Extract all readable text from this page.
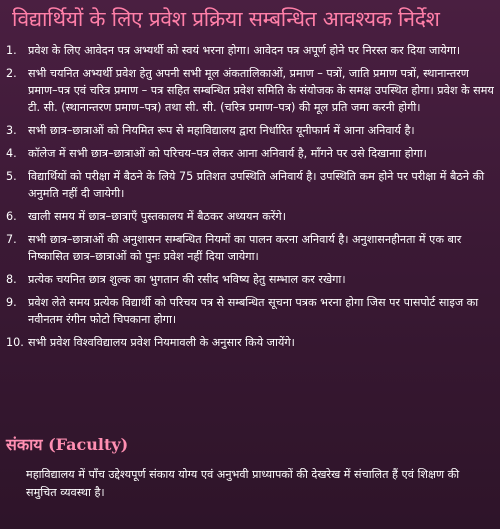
विद्यार्थियों के लिए प्रवेश प्रक्रिया सम्बन्धित आवश्यक निर्देश
1.	प्रवेश के लिए आवेदन पत्र अभ्यर्थी को स्वयं भरना होगा। आवेदन पत्र अपूर्ण होने पर निरस्त कर दिया जायेगा।
2.	सभी चयनित अभ्यर्थी प्रवेश हेतु अपनी सभी मूल अंकतालिकाओं, प्रमाण – पत्रों, जाति प्रमाण पत्रों, स्थानान्तरण प्रमाण–पत्र एवं चरित्र प्रमाण – पत्र सहित सम्बन्धित प्रवेश समिति के संयोजक के समक्ष उपस्थित होगा। प्रवेश के समय टी. सी. (स्थानान्तरण प्रमाण–पत्र) तथा सी. सी. (चरित्र प्रमाण–पत्र) की मूल प्रति जमा करनी होगी।
3.	सभी छात्र–छात्राओं को नियमित रूप से महाविद्यालय द्वारा निर्धारित यूनीफार्म में आना अनिवार्य है।
4.	कॉलेज में सभी छात्र–छात्राओं को परिचय–पत्र लेकर आना अनिवार्य है, माँगने पर उसे दिखानाा होगा।
5.	विद्यार्थियों को परीक्षा में बैठने के लिये 75 प्रतिशत उपस्थिति अनिवार्य है। उपस्थिति कम होने पर परीक्षा में बैठने की अनुमति नहीं दी जायेगी।
6.	खाली समय में छात्र–छात्राएँ पुस्तकालय में बैठकर अध्ययन करेंगे।
7.	सभी छात्र–छात्राओं की अनुशासन सम्बन्धित नियमों का पालन करना अनिवार्य है। अनुशासनहीनता में एक बार निष्कासित छात्र–छात्राओं को पुनः प्रवेश नहीं दिया जायेगा।
8.	प्रत्येक चयनित छात्र शुल्क का भुगतान की रसीद भविष्य हेतु सम्भाल कर रखेगा।
9.	प्रवेश लेते समय प्रत्येक विद्यार्थी को परिचय पत्र से सम्बन्धित सूचना पत्रक भरना होगा जिस पर पासपोर्ट साइज का नवीनतम रंगीन फोटो चिपकाना होगा।
10. सभी प्रवेश विश्वविद्यालय प्रवेश नियमावली के अनुसार किये जायेंगे।
संकाय (Faculty)
महाविद्यालय में पाँच उद्देश्यपूर्ण संकाय योग्य एवं अनुभवी प्राध्यापकों की देखरेख में संचालित हैं एवं शिक्षण की समुचित व्यवस्था है।
